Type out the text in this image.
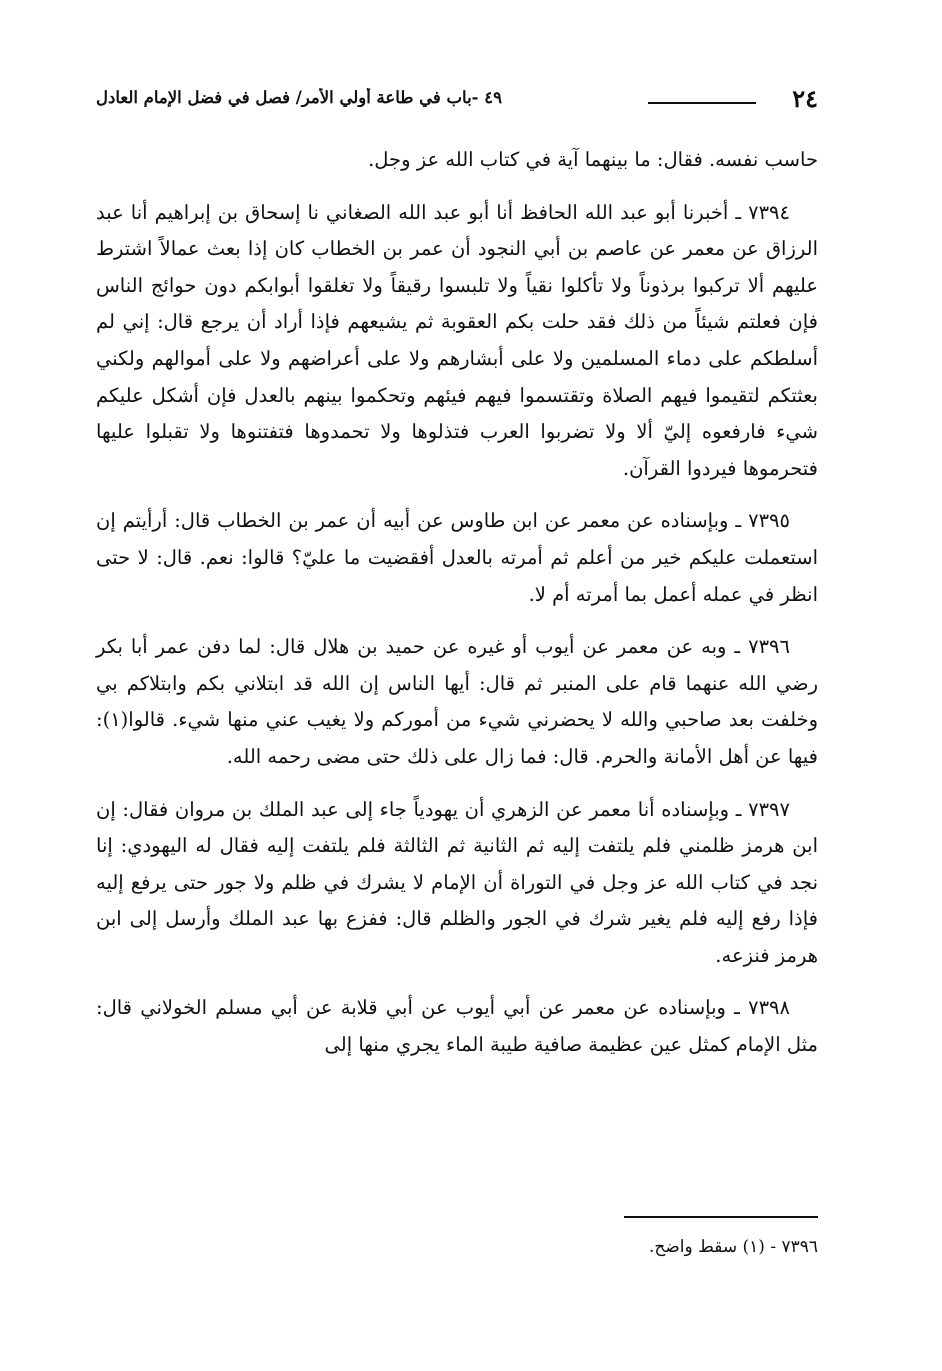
٢٤
٤٩ -باب في طاعة أولي الأمر/ فصل في فضل الإمام العادل

حاسب نفسه. فقال: ما بينهما آية في كتاب الله عز وجل.

٧٣٩٤ ـ أخبرنا أبو عبد الله الحافظ أنا أبو عبد الله الصغاني نا إسحاق بن إبراهيم أنا عبد الرزاق عن معمر عن عاصم بن أبي النجود أن عمر بن الخطاب كان إذا بعث عمالاً اشترط عليهم ألا تركبوا برذوناً ولا تأكلوا نقياً ولا تلبسوا رقيقاً ولا تغلقوا أبوابكم دون حوائج الناس فإن فعلتم شيئاً من ذلك فقد حلت بكم العقوبة ثم يشيعهم فإذا أراد أن يرجع قال: إني لم أسلطكم على دماء المسلمين ولا على أبشارهم ولا على أعراضهم ولا على أموالهم ولكني بعثتكم لتقيموا فيهم الصلاة وتقتسموا فيهم فيئهم وتحكموا بينهم بالعدل فإن أشكل عليكم شيء فارفعوه إليّ ألا ولا تضربوا العرب فتذلوها ولا تحمدوها فتفتنوها ولا تقبلوا عليها فتحرموها فيردوا القرآن.

٧٣٩٥ ـ وبإسناده عن معمر عن ابن طاوس عن أبيه أن عمر بن الخطاب قال: أرأيتم إن استعملت عليكم خير من أعلم ثم أمرته بالعدل أفقضيت ما عليّ؟ قالوا: نعم. قال: لا حتى انظر في عمله أعمل بما أمرته أم لا.

٧٣٩٦ ـ وبه عن معمر عن أيوب أو غيره عن حميد بن هلال قال: لما دفن عمر أبا بكر رضي الله عنهما قام على المنبر ثم قال: أيها الناس إن الله قد ابتلاني بكم وابتلاكم بي وخلفت بعد صاحبي والله لا يحضرني شيء من أموركم ولا يغيب عني منها شيء. قالوا(١): فيها عن أهل الأمانة والحرم. قال: فما زال على ذلك حتى مضى رحمه الله.

٧٣٩٧ ـ وبإسناده أنا معمر عن الزهري أن يهودياً جاء إلى عبد الملك بن مروان فقال: إن ابن هرمز ظلمني فلم يلتفت إليه ثم الثانية ثم الثالثة فلم يلتفت إليه فقال له اليهودي: إنا نجد في كتاب الله عز وجل في التوراة أن الإمام لا يشرك في ظلم ولا جور حتى يرفع إليه فإذا رفع إليه فلم يغير شرك في الجور والظلم قال: ففزع بها عبد الملك وأرسل إلى ابن هرمز فنزعه.

٧٣٩٨ ـ وبإسناده عن معمر عن أبي أيوب عن أبي قلابة عن أبي مسلم الخولاني قال: مثل الإمام كمثل عين عظيمة صافية طيبة الماء يجري منها إلى

٧٣٩٦ - (١) سقط واضح.
